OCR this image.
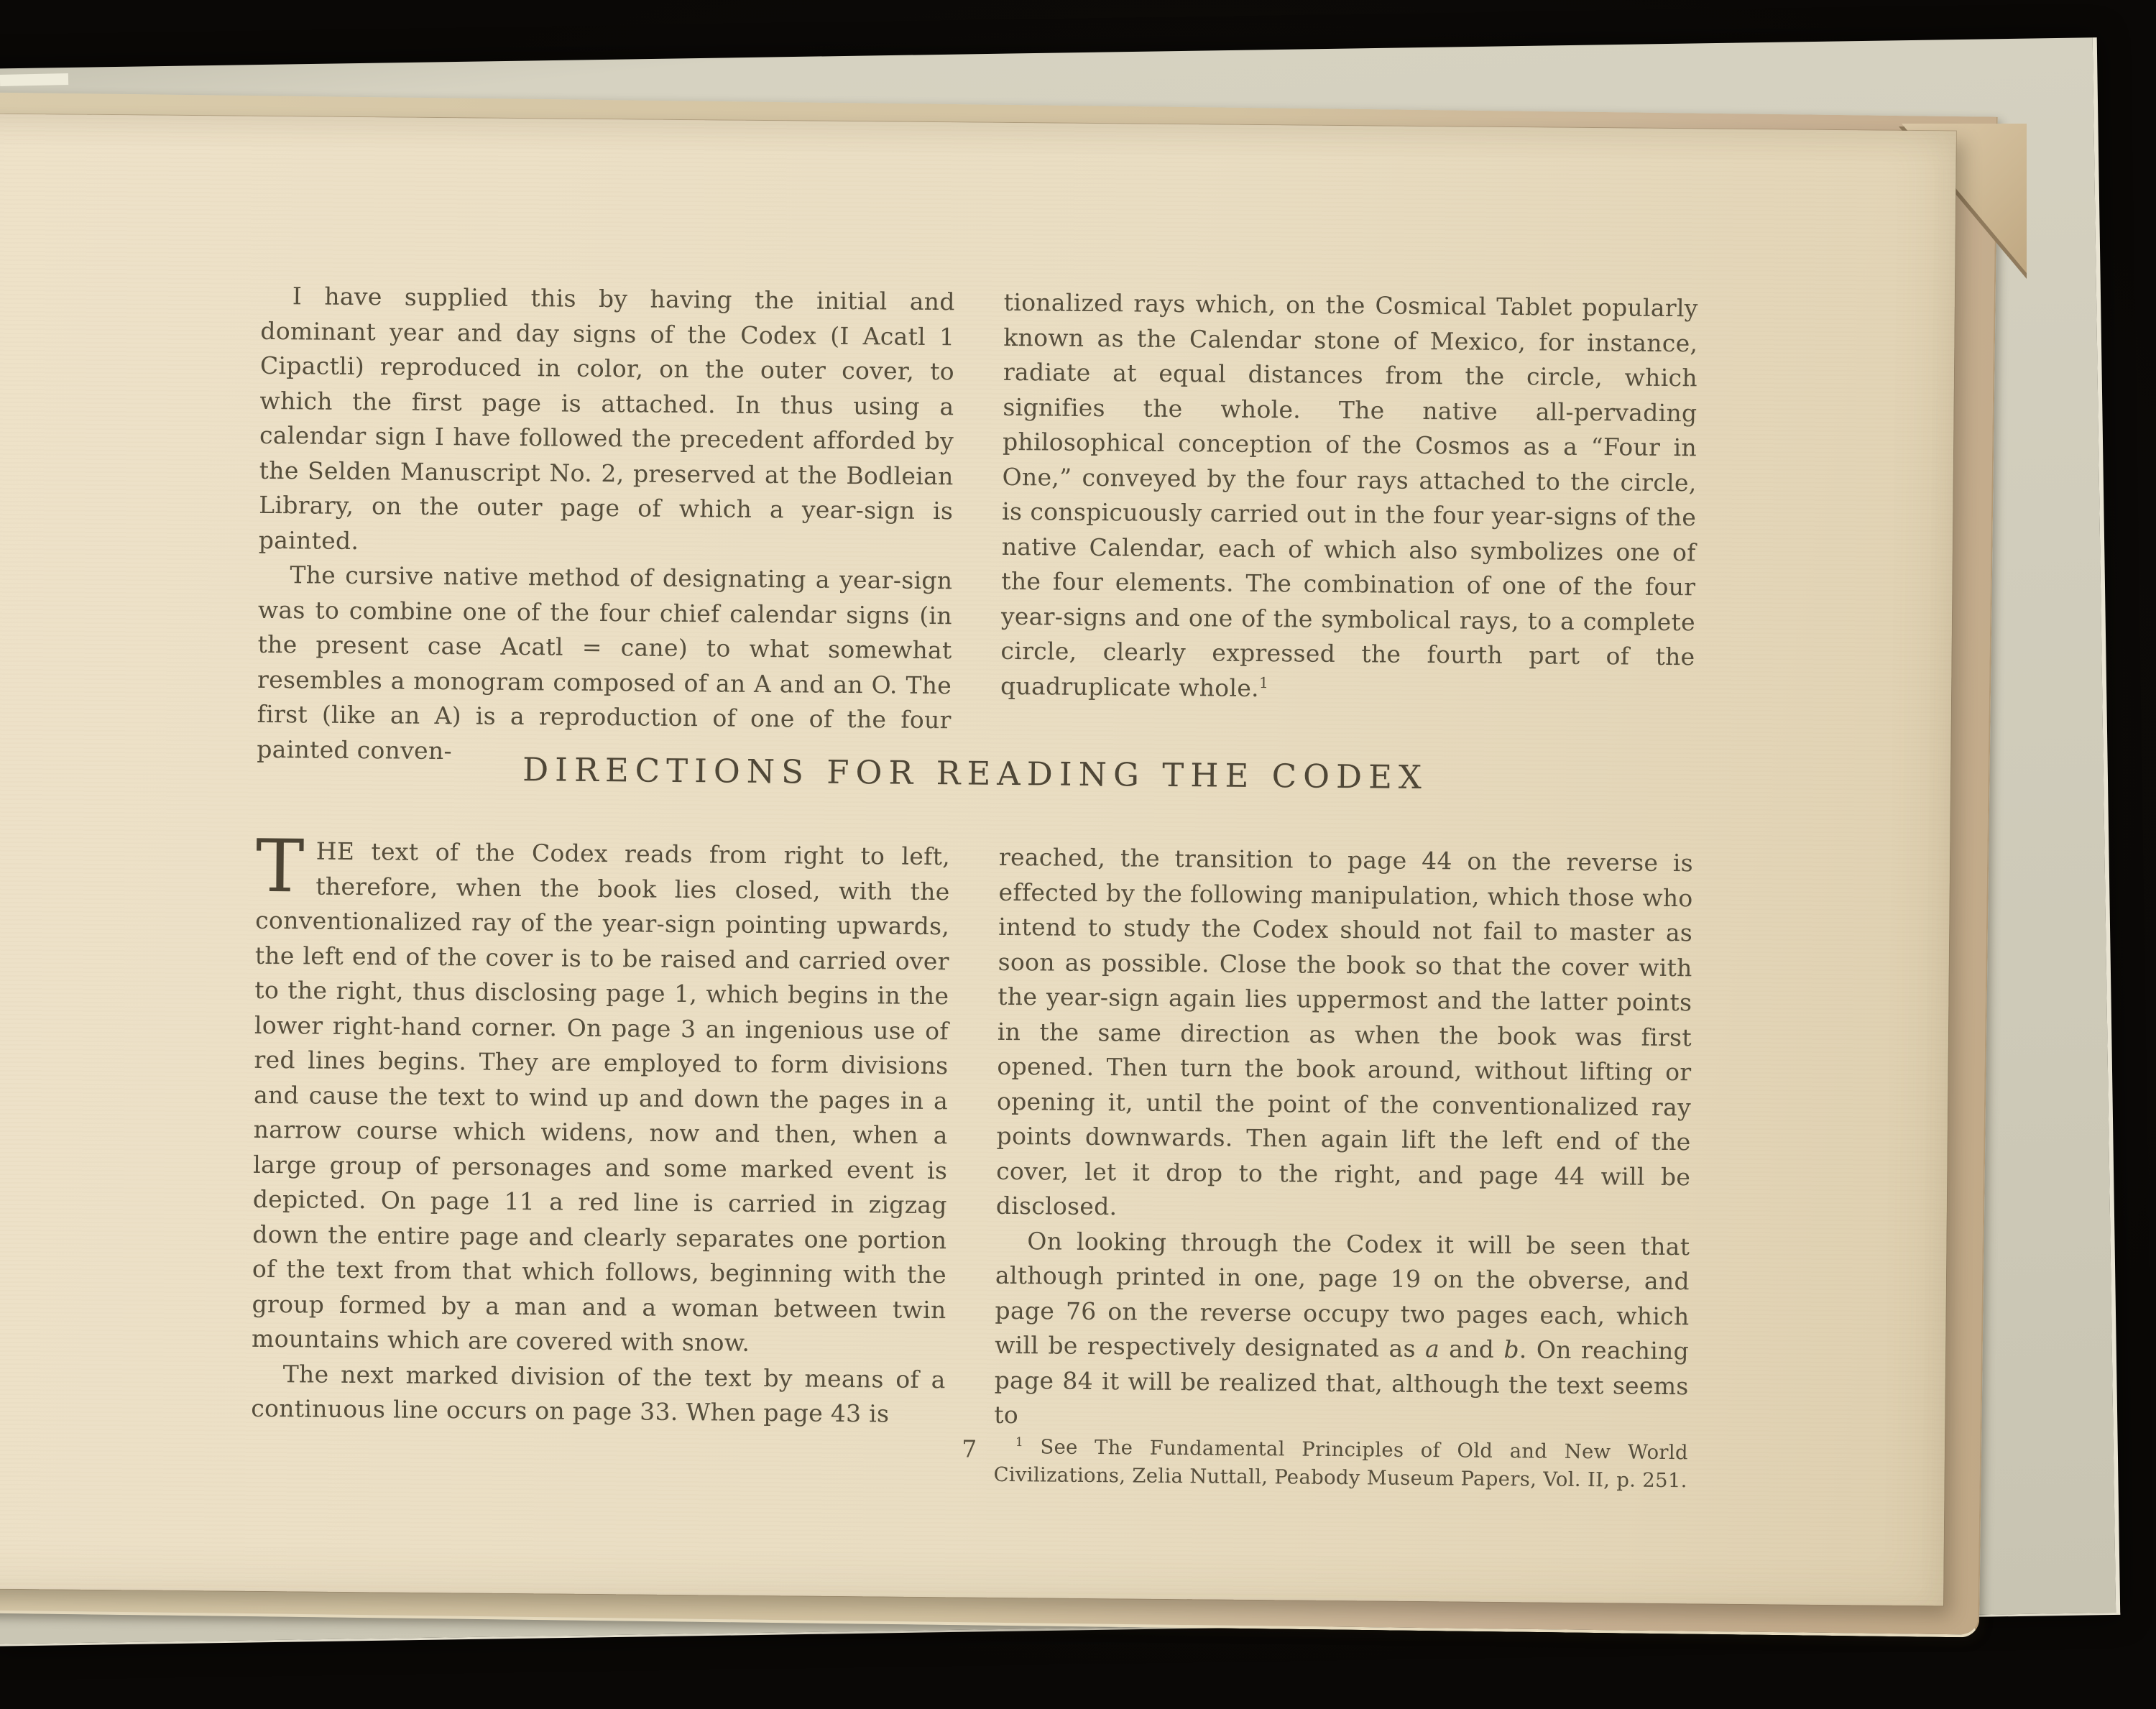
I have supplied this by having the initial and dominant year and day signs of the Codex (I Acatl 1 Cipactli) reproduced in color, on the outer cover, to which the first page is attached. In thus using a calendar sign I have followed the precedent afforded by the Selden Manuscript No. 2, preserved at the Bodleian Library, on the outer page of which a year-sign is painted.

The cursive native method of designating a year-sign was to combine one of the four chief calendar signs (in the present case Acatl = cane) to what somewhat resembles a monogram composed of an A and an O. The first (like an A) is a reproduction of one of the four painted conven-

tionalized rays which, on the Cosmical Tablet popularly known as the Calendar stone of Mexico, for instance, radiate at equal distances from the circle, which signifies the whole. The native all-pervading philosophical conception of the Cosmos as a “Four in One,” conveyed by the four rays attached to the circle, is conspicuously carried out in the four year-signs of the native Calendar, each of which also symbolizes one of the four elements. The combination of one of the four year-signs and one of the symbolical rays, to a complete circle, clearly expressed the fourth part of the quadruplicate whole.$^1$

DIRECTIONS FOR READING THE CODEX

THE text of the Codex reads from right to left, therefore, when the book lies closed, with the conventionalized ray of the year-sign pointing upwards, the left end of the cover is to be raised and carried over to the right, thus disclosing page 1, which begins in the lower right-hand corner. On page 3 an ingenious use of red lines begins. They are employed to form divisions and cause the text to wind up and down the pages in a narrow course which widens, now and then, when a large group of personages and some marked event is depicted. On page 11 a red line is carried in zigzag down the entire page and clearly separates one portion of the text from that which follows, beginning with the group formed by a man and a woman between twin mountains which are covered with snow.

The next marked division of the text by means of a continuous line occurs on page 33. When page 43 is

reached, the transition to page 44 on the reverse is effected by the following manipulation, which those who intend to study the Codex should not fail to master as soon as possible. Close the book so that the cover with the year-sign again lies uppermost and the latter points in the same direction as when the book was first opened. Then turn the book around, without lifting or opening it, until the point of the conventionalized ray points downwards. Then again lift the left end of the cover, let it drop to the right, and page 44 will be disclosed.

On looking through the Codex it will be seen that although printed in one, page 19 on the obverse, and page 76 on the reverse occupy two pages each, which will be respectively designated as a and b. On reaching page 84 it will be realized that, although the text seems to

$^1$ See The Fundamental Principles of Old and New World Civilizations, Zelia Nuttall, Peabody Museum Papers, Vol. II, p. 251.

7
